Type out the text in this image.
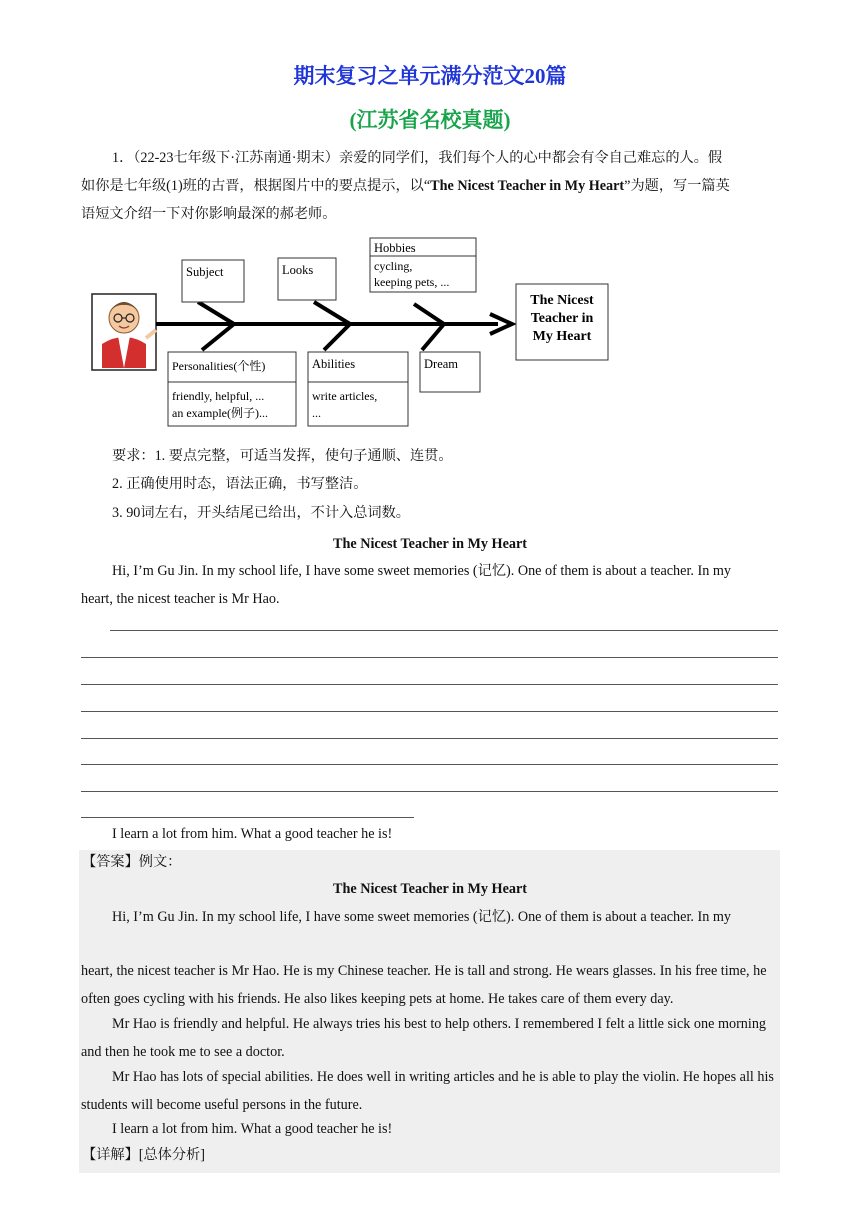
期末复习之单元满分范文20篇
(江苏省名校真题)
1．（22-23七年级下·江苏南通·期末）亲爱的同学们，我们每个人的心中都会有令自己难忘的人。假
如你是七年级(1)班的古晋，根据图片中的要点提示，以“The Nicest Teacher in My Heart”为题，写一篇英
语短文介绍一下对你影响最深的郝老师。
Subject	Looks
Hobbies
cycling,
keeping pets, ...
The Nicest
Teacher in
My Heart
Personalities(个性)
friendly, helpful, ...
an example(例子)...
Abilities
write articles,
...
Dream
要求：1. 要点完整，可适当发挥，使句子通顺、连贯。
2. 正确使用时态，语法正确，书写整洁。
3. 90词左右，开头结尾已给出，不计入总词数。
The Nicest Teacher in My Heart
Hi, I’m Gu Jin. In my school life, I have some sweet memories (记忆). One of them is about a teacher. In my
heart, the nicest teacher is Mr Hao.
I learn a lot from him. What a good teacher he is!
【答案】例文：
The Nicest Teacher in My Heart
Hi, I’m Gu Jin. In my school life, I have some sweet memories (记忆). One of them is about a teacher. In my
heart, the nicest teacher is Mr Hao. He is my Chinese teacher. He is tall and strong. He wears glasses. In his free time, he often goes cycling with his friends. He also likes keeping pets at home. He takes care of them every day.
Mr Hao is friendly and helpful. He always tries his best to help others. I remembered I felt a little sick one morning and then he took me to see a doctor.
Mr Hao has lots of special abilities. He does well in writing articles and he is able to play the violin. He hopes all his students will become useful persons in the future.
I learn a lot from him. What a good teacher he is!
【详解】[总体分析]
